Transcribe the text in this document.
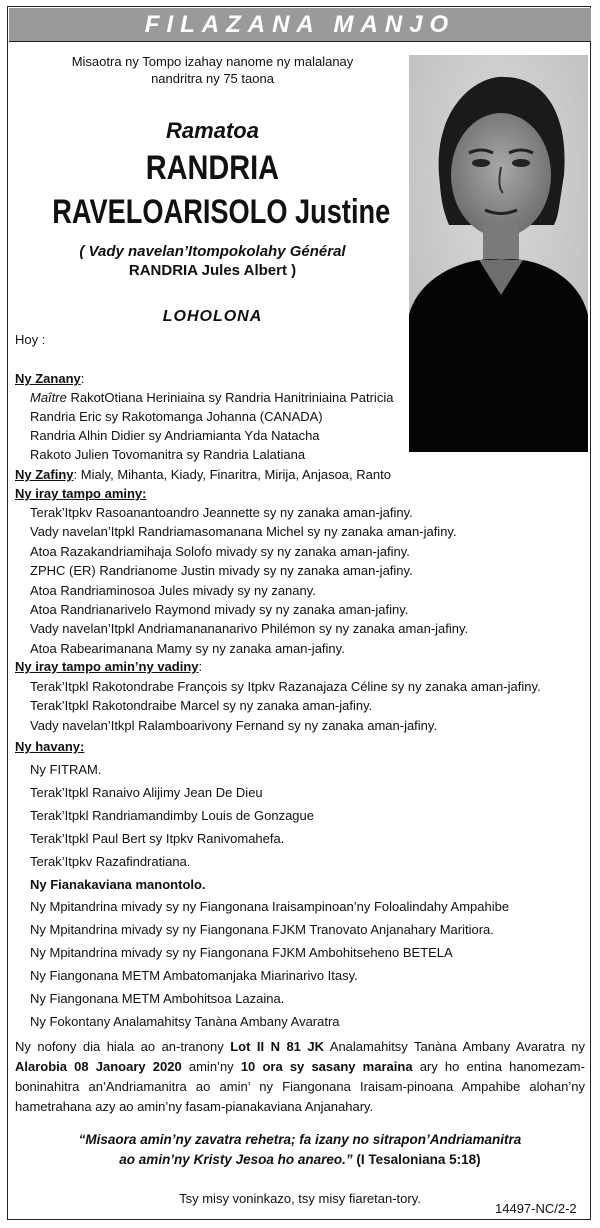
FILAZANA MANJO
Misaotra ny Tompo izahay nanome ny malalanay
nandritra ny 75 taona
Ramatoa
RANDRIA
RAVELOARISOLO Justine
( Vady navelan’Itompokolahy Général
RANDRIA Jules Albert )
LOHOLONA
Hoy :
Ny Zanany:
Maître RakotOtiana Heriniaina sy Randria Hanitriniaina Patricia
Randria Eric sy Rakotomanga Johanna (CANADA)
Randria Alhin Didier sy Andriamianta Yda Natacha
Rakoto Julien Tovomanitra sy Randria Lalatiana
Ny Zafiny: Mialy, Mihanta, Kiady, Finaritra, Mirija, Anjasoa, Ranto
Ny iray tampo aminy:
Terak’Itpkv Rasoanantoandro Jeannette sy ny zanaka aman-jafiny.
Vady navelan’Itpkl Randriamasomanana Michel sy ny zanaka aman-jafiny.
Atoa Razakandriamihaja Solofo mivady sy ny zanaka aman-jafiny.
ZPHC (ER) Randrianome Justin mivady sy ny zanaka aman-jafiny.
Atoa Randriaminosoa Jules mivady sy ny zanany.
Atoa Randrianarivelo Raymond mivady sy ny zanaka aman-jafiny.
Vady navelan’Itpkl Andriamanananarivo Philémon sy ny zanaka aman-jafiny.
Atoa Rabearimanana Mamy sy ny zanaka aman-jafiny.
Ny iray tampo amin’ny vadiny:
Terak’Itpkl Rakotondrabe François sy Itpkv Razanajaza Céline sy ny zanaka aman-jafiny.
Terak’Itpkl Rakotondraibe Marcel sy ny zanaka aman-jafiny.
Vady navelan’Itkpl Ralamboarivony Fernand sy ny zanaka aman-jafiny.
Ny havany:
Ny FITRAM.
Terak’Itpkl Ranaivo Alijimy Jean De Dieu
Terak’Itpkl Randriamandimby Louis de Gonzague
Terak’Itpkl Paul Bert sy Itpkv Ranivomahefa.
Terak’Itpkv Razafindratiana.
Ny Fianakaviana manontolo.
Ny Mpitandrina mivady sy ny Fiangonana Iraisampinoan’ny Foloalindahy Ampahibe
Ny Mpitandrina mivady sy ny Fiangonana FJKM Tranovato Anjanahary Maritiora.
Ny Mpitandrina mivady sy ny Fiangonana FJKM Ambohitseheno BETELA
Ny Fiangonana METM Ambatomanjaka Miarinarivo Itasy.
Ny Fiangonana METM Ambohitsoa Lazaina.
Ny Fokontany Analamahitsy Tanàna Ambany Avaratra
Ny nofony dia hiala ao an-tranony Lot II N 81 JK Analamahitsy Tanàna Ambany Avaratra ny Alarobia 08 Janoary 2020 amin’ny 10 ora sy sasany maraina ary ho entina hanomezam-boninahitra an’Andriamanitra ao amin’ ny Fiangonana Iraisam-pinoana Ampahibe alohan’ny hametrahana azy ao amin’ny fasam-pianakaviana Anjanahary.
“Misaora amin’ny zavatra rehetra; fa izany no sitrapon’Andriamanitra
ao amin’ny Kristy Jesoa ho anareo.” (I Tesaloniana 5:18)
Tsy misy voninkazo, tsy misy fiaretan-tory.
14497-NC/2-2
